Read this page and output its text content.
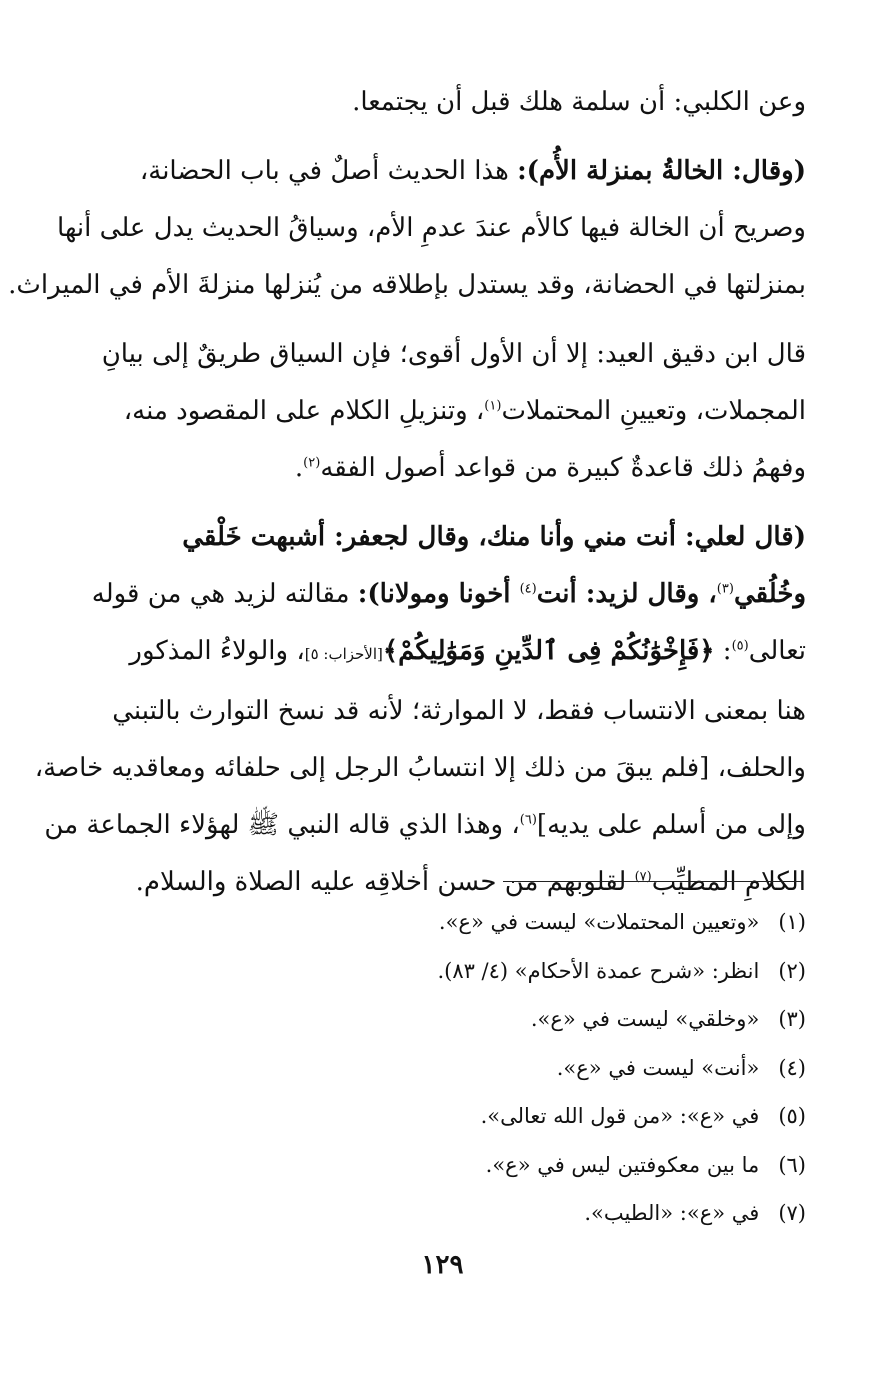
وعن الكلبي: أن سلمة هلك قبل أن يجتمعا.

(وقال: الخالةُ بمنزلة الأُم): هذا الحديث أصلٌ في باب الحضانة،
وصريح أن الخالة فيها كالأم عندَ عدمِ الأم، وسياقُ الحديث يدل على أنها
بمنزلتها في الحضانة، وقد يستدل بإطلاقه من يُنزلها منزلةَ الأم في الميراث.

قال ابن دقيق العيد: إلا أن الأول أقوى؛ فإن السياق طريقٌ إلى بيانِ
المجملات، وتعيينِ المحتملات$^{(١)}$، وتنزيلِ الكلام على المقصود منه،
وفهمُ ذلك قاعدةٌ كبيرة من قواعد أصول الفقه$^{(٢)}$.

(قال لعلي: أنت مني وأنا منك، وقال لجعفر: أشبهت خَلْقي
وخُلُقي$^{(٣)}$، وقال لزيد: أنت$^{(٤)}$ أخونا ومولانا): مقالته لزيد هي من قوله
تعالى$^{(٥)}$: ﴿فَإِخْوَٰنُكُمْ فِى ٱلدِّينِ وَمَوَٰلِيكُمْ﴾[الأحزاب: ٥]، والولاءُ المذكور
هنا بمعنى الانتساب فقط، لا الموارثة؛ لأنه قد نسخ التوارث بالتبني
والحلف، [فلم يبقَ من ذلك إلا انتسابُ الرجل إلى حلفائه ومعاقديه خاصة،
وإلى من أسلم على يديه]$^{(٦)}$، وهذا الذي قاله النبي ﷺ لهؤلاء الجماعة من
الكلامِ المطيِّب$^{(٧)}$ لقلوبهم من حسن أخلاقِه عليه الصلاة والسلام.

(١) «وتعيين المحتملات» ليست في «ع».
(٢) انظر: «شرح عمدة الأحكام» (٤/ ٨٣).
(٣) «وخلقي» ليست في «ع».
(٤) «أنت» ليست في «ع».
(٥) في «ع»: «من قول الله تعالى».
(٦) ما بين معكوفتين ليس في «ع».
(٧) في «ع»: «الطيب».
١٢٩
